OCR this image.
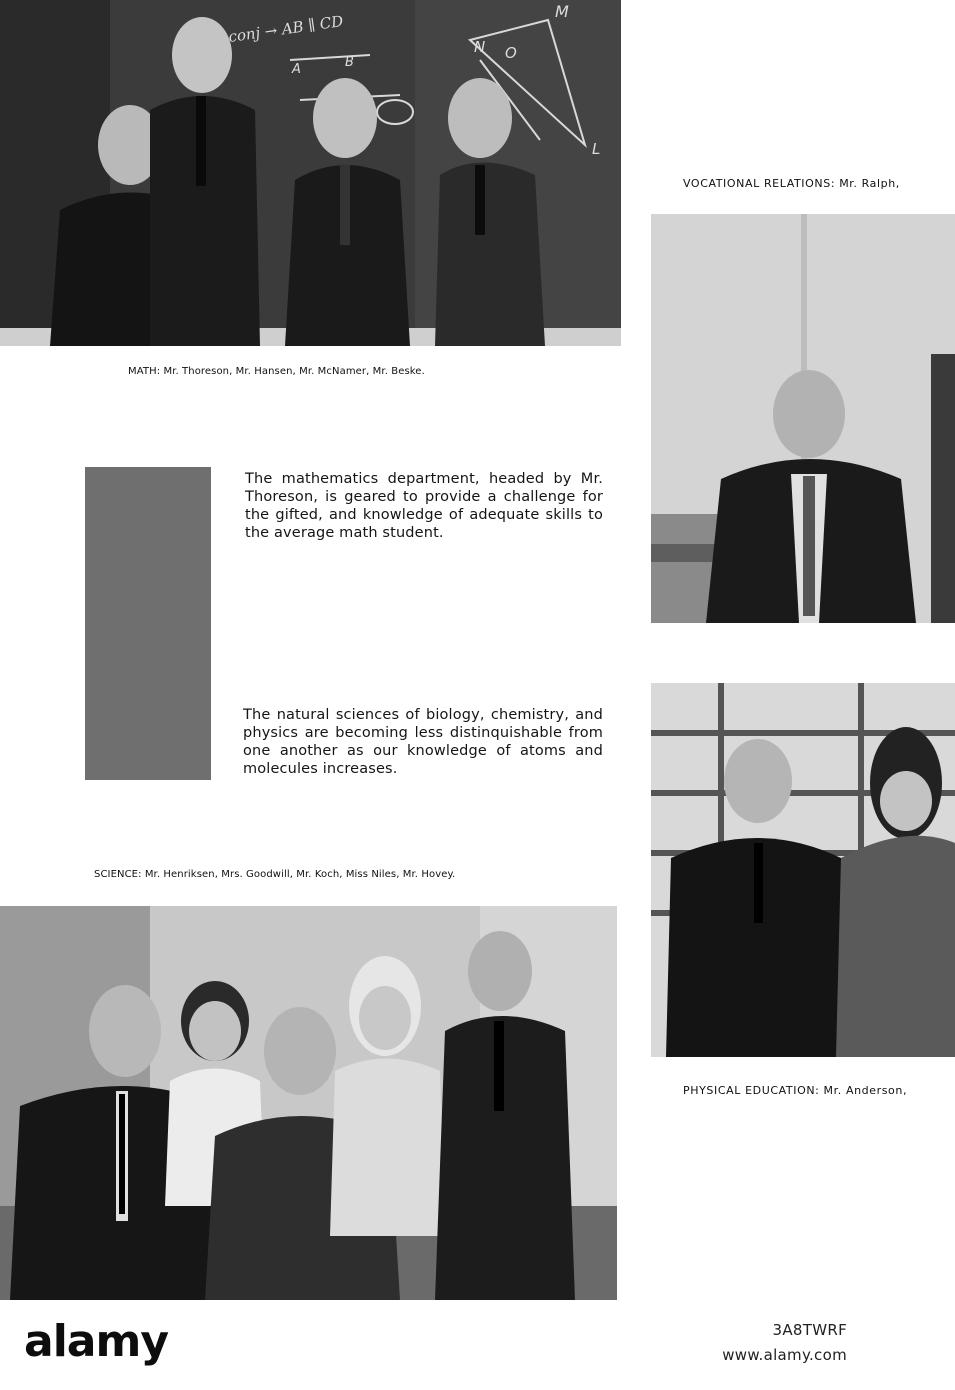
conj → AB ∥ CD
A	B
N O
M
L
MATH: Mr. Thoreson, Mr. Hansen, Mr. McNamer, Mr. Beske.
VOCATIONAL RELATIONS: Mr. Ralph,
The mathematics department, headed by Mr. Thoreson, is geared to provide a challenge for the gifted, and knowledge of adequate skills to the average math student.
The natural sciences of biology, chemistry, and physics are becoming less distinquishable from one another as our knowledge of atoms and molecules increases.
PHYSICAL EDUCATION: Mr. Anderson,
SCIENCE: Mr. Henriksen, Mrs. Goodwill, Mr. Koch, Miss Niles, Mr. Hovey.
alamy	3A8TWRF
www.alamy.com
